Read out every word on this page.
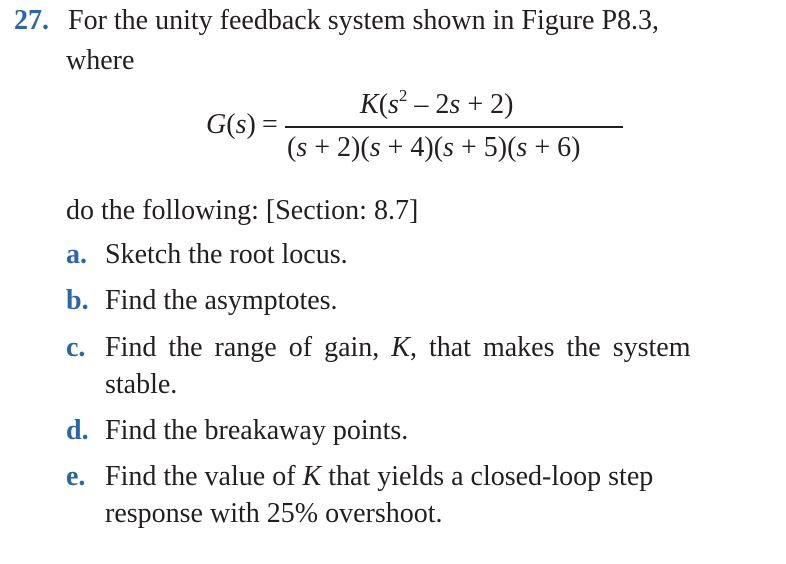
27. For the unity feedback system shown in Figure P8.3,
where
G(s) =
$K(s^2 - 2s + 2)$
(s + 2)(s + 4)(s + 5)(s + 6)
do the following: [Section: 8.7]
a. Sketch the root locus.
b. Find the asymptotes.
c. Find the range of gain, K, that makes the system
stable.
d. Find the breakaway points.
e. Find the value of K that yields a closed-loop step
response with 25% overshoot.
